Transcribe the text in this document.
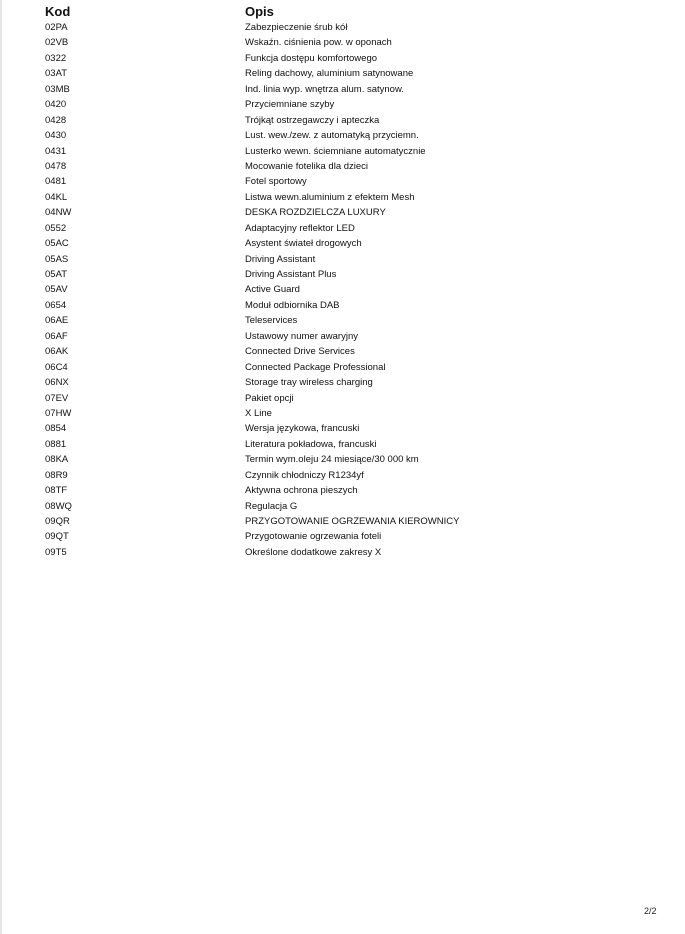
Kod	Opis
02PA	Zabezpieczenie śrub kół
02VB	Wskaźn. ciśnienia pow. w oponach
0322	Funkcja dostępu komfortowego
03AT	Reling dachowy, aluminium satynowane
03MB	Ind. linia wyp. wnętrza alum. satynow.
0420	Przyciemniane szyby
0428	Trójkąt ostrzegawczy i apteczka
0430	Lust. wew./zew. z automatyką przyciemn.
0431	Lusterko wewn. ściemniane automatycznie
0478	Mocowanie fotelika dla dzieci
0481	Fotel sportowy
04KL	Listwa wewn.aluminium z efektem Mesh
04NW	DESKA ROZDZIELCZA LUXURY
0552	Adaptacyjny reflektor LED
05AC	Asystent świateł drogowych
05AS	Driving Assistant
05AT	Driving Assistant Plus
05AV	Active Guard
0654	Moduł odbiornika DAB
06AE	Teleservices
06AF	Ustawowy numer awaryjny
06AK	Connected Drive Services
06C4	Connected Package Professional
06NX	Storage tray wireless charging
07EV	Pakiet opcji
07HW	X Line
0854	Wersja językowa, francuski
0881	Literatura pokładowa, francuski
08KA	Termin wym.oleju 24 miesiące/30 000 km
08R9	Czynnik chłodniczy R1234yf
08TF	Aktywna ochrona pieszych
08WQ	Regulacja G
09QR	PRZYGOTOWANIE OGRZEWANIA KIEROWNICY
09QT	Przygotowanie ogrzewania foteli
09T5	Określone dodatkowe zakresy X
2/2
